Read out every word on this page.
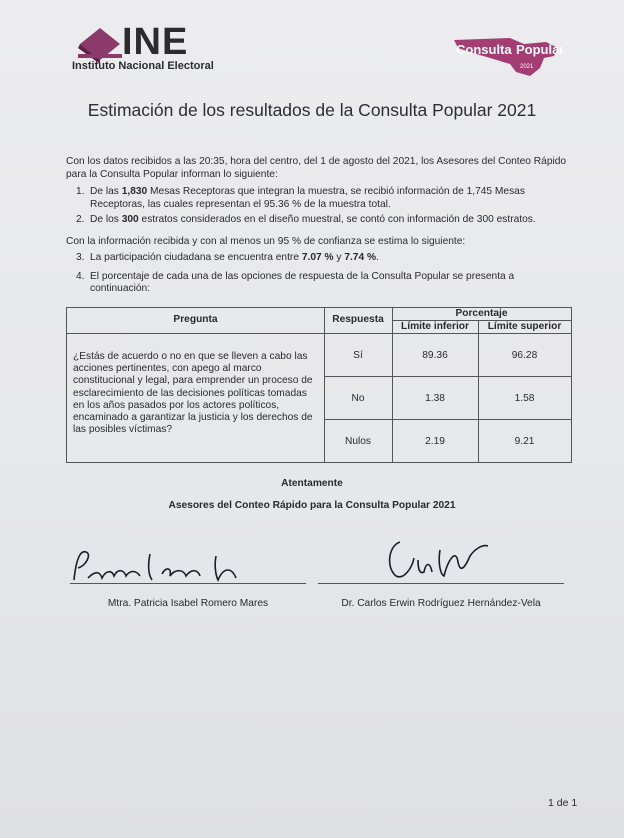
INE
Instituto Nacional Electoral
Consulta Popular
2021
Estimación de los resultados de la Consulta Popular 2021
Con los datos recibidos a las 20:35, hora del centro, del 1 de agosto del 2021, los Asesores del Conteo Rápido para la Consulta Popular informan lo siguiente:
1. De las 1,830 Mesas Receptoras que integran la muestra, se recibió información de 1,745 Mesas Receptoras, las cuales representan el 95.36 % de la muestra total.
2. De los 300 estratos considerados en el diseño muestral, se contó con información de 300 estratos.
Con la información recibida y con al menos un 95 % de confianza se estima lo siguiente:
3. La participación ciudadana se encuentra entre 7.07 % y 7.74 %.
4. El porcentaje de cada una de las opciones de respuesta de la Consulta Popular se presenta a continuación:
Pregunta	Respuesta
Porcentaje
Límite inferior	Límite superior
¿Estás de acuerdo o no en que se lleven a cabo las acciones pertinentes, con apego al marco constitucional y legal, para emprender un proceso de esclarecimiento de las decisiones políticas tomadas en los años pasados por los actores políticos, encaminado a garantizar la justicia y los derechos de las posibles víctimas?
Sí	89.36	96.28
No	1.38	1.58
Nulos	2.19	9.21
Atentamente
Asesores del Conteo Rápido para la Consulta Popular 2021
Mtra. Patricia Isabel Romero Mares	Dr. Carlos Erwin Rodríguez Hernández-Vela
1 de 1
